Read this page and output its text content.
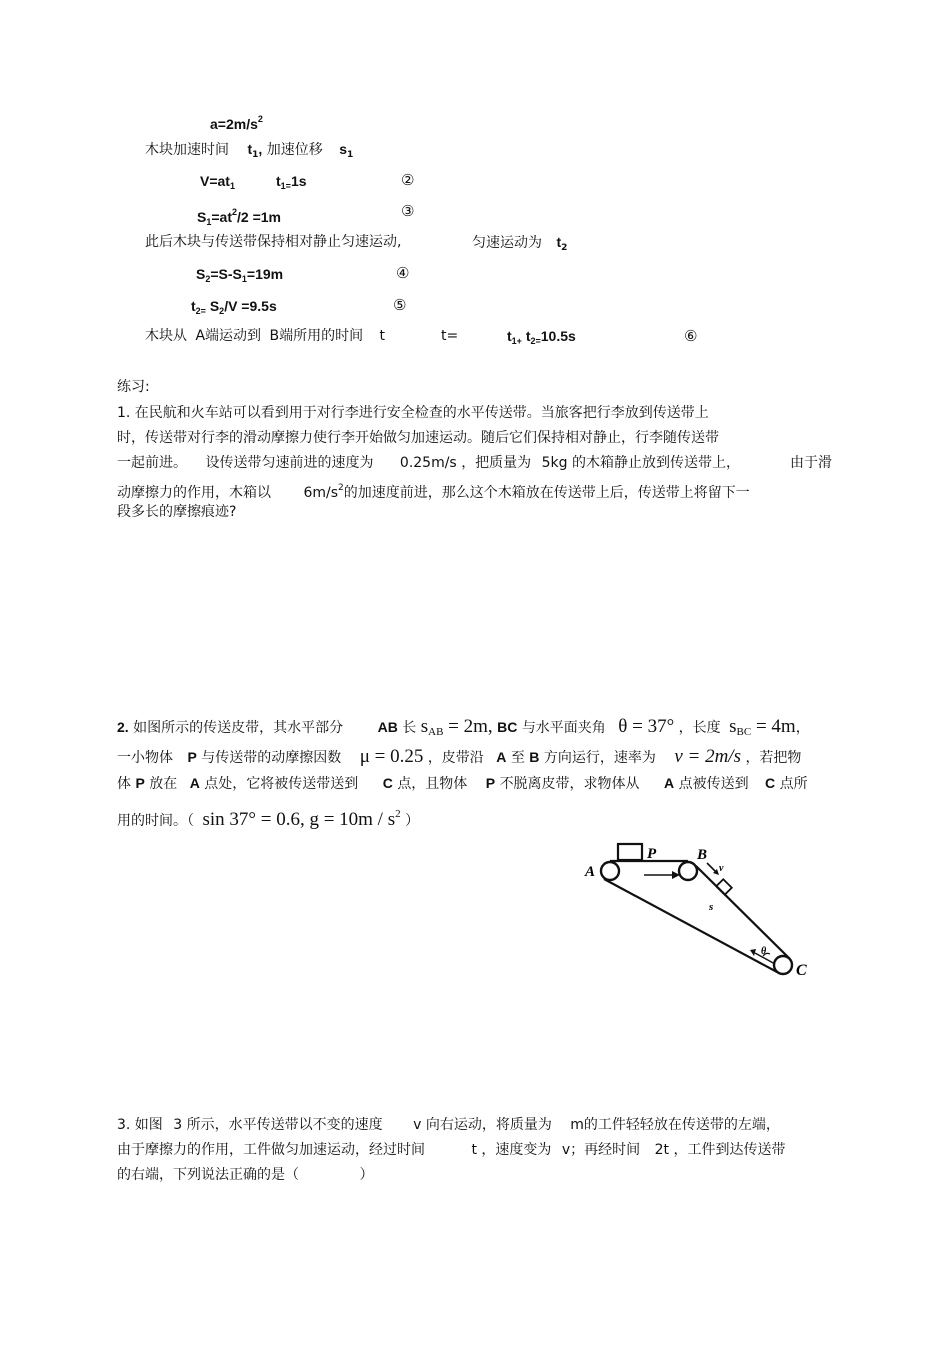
$a=2m/s^2$
木块加速时间 $t_1$, 加速位移 $s_1$
$V=at_1$	$t_{1=}1s$	②
$S_1=at^2/2 =1m$	③
此后木块与传送带保持相对静止匀速运动,	匀速运动为 $t_2$
$S_2=S-S_1=19m$	④
$t_{2=}$ $S_2/V =9.5s$	⑤
木块从 A端运动到 B端所用的时间 t	t=	$t_{1+}$ $t_{2=}10.5s$	⑥
练习:
1. 在民航和火车站可以看到用于对行李进行安全检查的水平传送带。当旅客把行李放到传送带上
时，传送带对行李的滑动摩擦力使行李开始做匀加速运动。随后它们保持相对静止，行李随传送带
一起前进。 设传送带匀速前进的速度为 0.25m/s ，把质量为 5kg 的木箱静止放到传送带上，	由于滑
动摩擦力的作用，木箱以 $6m/s^2$的加速度前进，那么这个木箱放在传送带上后，传送带上将留下一
段多长的摩擦痕迹?
2. 如图所示的传送皮带，其水平部分 AB 长 sAB = 2m, BC 与水平面夹角 θ = 37° ，长度 sBC = 4m，
一小物体 P 与传送带的动摩擦因数 μ = 0.25 ，皮带沿 A 至 B 方向运行，速率为 v = 2m/s ，若把物
体 P 放在 A 点处，它将被传送带送到 C 点，且物体 P 不脱离皮带，求物体从 A 点被传送到 C 点所
用的时间。（ sin 37° = 0.6, $g = 10m / s^2$ ）
A
P	B
v
s
θ
C
3. 如图 3 所示，水平传送带以不变的速度 v 向右运动，将质量为 m的工件轻轻放在传送带的左端，
由于摩擦力的作用，工件做匀加速运动，经过时间	t ，速度变为 v；再经时间 2t ，工件到达传送带
的右端，下列说法正确的是（	）
